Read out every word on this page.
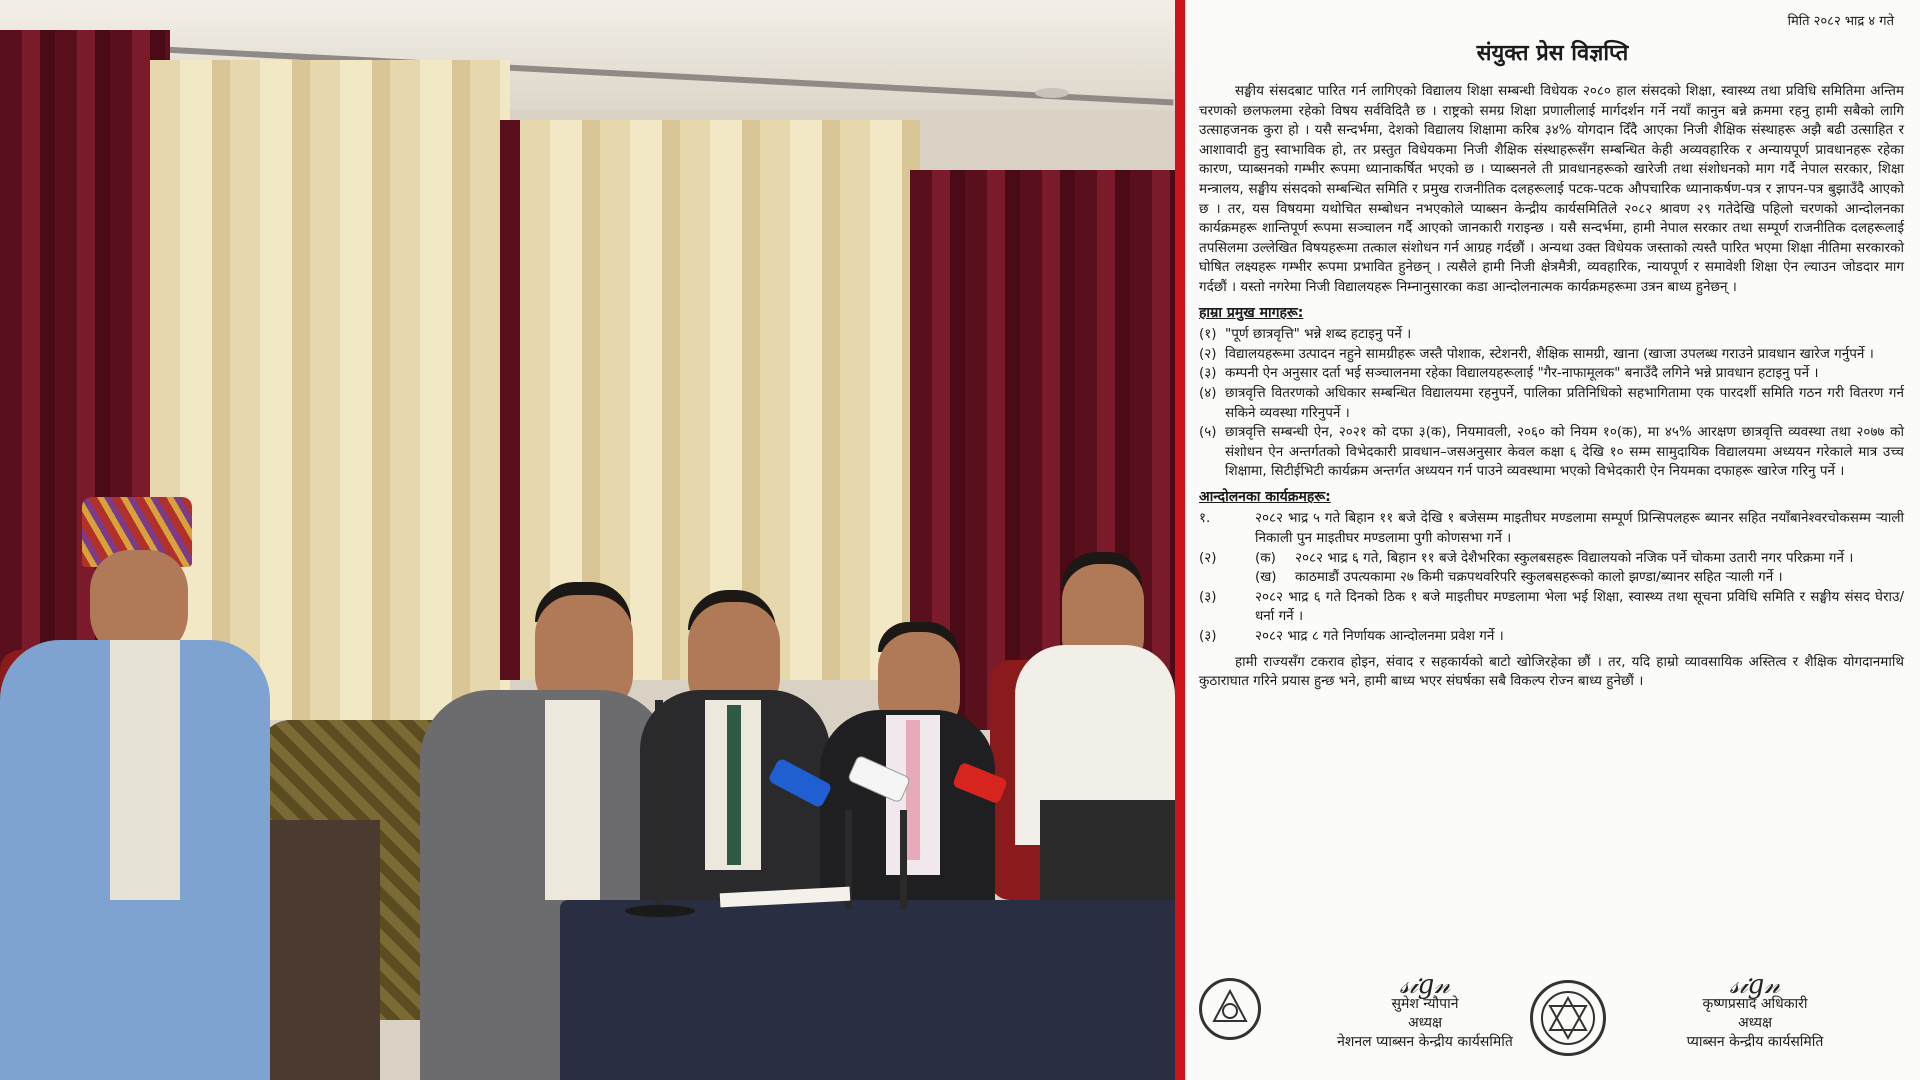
मिति २०८२ भाद्र ४ गते
संयुक्त प्रेस विज्ञप्ति

सङ्घीय संसदबाट पारित गर्न लागिएको विद्यालय शिक्षा सम्बन्धी विधेयक २०८० हाल संसदको शिक्षा, स्वास्थ्य तथा प्रविधि समितिमा अन्तिम चरणको छलफलमा रहेको विषय सर्वविदितै छ । राष्ट्रको समग्र शिक्षा प्रणालीलाई मार्गदर्शन गर्ने नयाँ कानुन बन्ने क्रममा रहनु हामी सबैको लागि उत्साहजनक कुरा हो । यसै सन्दर्भमा, देशको विद्यालय शिक्षामा करिब ३४% योगदान दिँदै आएका निजी शैक्षिक संस्थाहरू अझै बढी उत्साहित र आशावादी हुनु स्वाभाविक हो, तर प्रस्तुत विधेयकमा निजी शैक्षिक संस्थाहरूसँग सम्बन्धित केही अव्यवहारिक र अन्यायपूर्ण प्रावधानहरू रहेका कारण, प्याब्सनको गम्भीर रूपमा ध्यानाकर्षित भएको छ । प्याब्सनले ती प्रावधानहरूको खारेजी तथा संशोधनको माग गर्दै नेपाल सरकार, शिक्षा मन्त्रालय, सङ्घीय संसदको सम्बन्धित समिति र प्रमुख राजनीतिक दलहरूलाई पटक-पटक औपचारिक ध्यानाकर्षण-पत्र र ज्ञापन-पत्र बुझाउँदै आएको छ । तर, यस विषयमा यथोचित सम्बोधन नभएकोले प्याब्सन केन्द्रीय कार्यसमितिले २०८२ श्रावण २९ गतेदेखि पहिलो चरणको आन्दोलनका कार्यक्रमहरू शान्तिपूर्ण रूपमा सञ्चालन गर्दै आएको जानकारी गराइन्छ । यसै सन्दर्भमा, हामी नेपाल सरकार तथा सम्पूर्ण राजनीतिक दलहरूलाई तपसिलमा उल्लेखित विषयहरूमा तत्काल संशोधन गर्न आग्रह गर्दछौं । अन्यथा उक्त विधेयक जस्ताको त्यस्तै पारित भएमा शिक्षा नीतिमा सरकारको घोषित लक्ष्यहरू गम्भीर रूपमा प्रभावित हुनेछन् । त्यसैले हामी निजी क्षेत्रमैत्री, व्यवहारिक, न्यायपूर्ण र समावेशी शिक्षा ऐन ल्याउन जोडदार माग गर्दछौं । यस्तो नगरेमा निजी विद्यालयहरू निम्नानुसारका कडा आन्दोलनात्मक कार्यक्रमहरूमा उत्रन बाध्य हुनेछन् ।

हाम्रा प्रमुख मागहरू:
(१) "पूर्ण छात्रवृत्ति" भन्ने शब्द हटाइनु पर्ने ।

(२) विद्यालयहरूमा उत्पादन नहुने सामग्रीहरू जस्तै पोशाक, स्टेशनरी, शैक्षिक सामग्री, खाना (खाजा उपलब्ध गराउने प्रावधान खारेज गर्नुपर्ने ।

(३) कम्पनी ऐन अनुसार दर्ता भई सञ्चालनमा रहेका विद्यालयहरूलाई "गैर-नाफामूलक" बनाउँदै लगिने भन्ने प्रावधान हटाइनु पर्ने ।

(४) छात्रवृत्ति वितरणको अधिकार सम्बन्धित विद्यालयमा रहनुपर्ने, पालिका प्रतिनिधिको सहभागितामा एक पारदर्शी समिति गठन गरी वितरण गर्न सकिने व्यवस्था गरिनुपर्ने ।

(५) छात्रवृत्ति सम्बन्धी ऐन, २०२१ को दफा ३(क), नियमावली, २०६० को नियम १०(क), मा ४५% आरक्षण छात्रवृत्ति व्यवस्था तथा २०७७ को संशोधन ऐन अन्तर्गतको विभेदकारी प्रावधान–जसअनुसार केवल कक्षा ६ देखि १० सम्म सामुदायिक विद्यालयमा अध्ययन गरेकाले मात्र उच्च शिक्षामा, सिटीईभिटी कार्यक्रम अन्तर्गत अध्ययन गर्न पाउने व्यवस्थामा भएको विभेदकारी ऐन नियमका दफाहरू खारेज गरिनु पर्ने ।

आन्दोलनका कार्यक्रमहरू:
१.	२०८२ भाद्र ५ गते बिहान ११ बजे देखि १ बजेसम्म माइतीघर मण्डलामा सम्पूर्ण प्रिन्सिपलहरू ब्यानर सहित नयाँबानेश्वरचोकसम्म र्‍याली निकाली पुन माइतीघर मण्डलामा पुगी कोणसभा गर्ने ।

(२)	(क)	२०८२ भाद्र ६ गते, बिहान ११ बजे देशैभरिका स्कुलबसहरू विद्यालयको नजिक पर्ने चोकमा उतारी नगर परिक्रमा गर्ने ।

(ख)	काठमाडौं उपत्यकामा २७ किमी चक्रपथवरिपरि स्कुलबसहरूको कालो झण्डा/ब्यानर सहित र्‍याली गर्ने ।

(३)	२०८२ भाद्र ६ गते दिनको ठिक १ बजे माइतीघर मण्डलामा भेला भई शिक्षा, स्वास्थ्य तथा सूचना प्रविधि समिति र सङ्घीय संसद घेराउ/धर्ना गर्ने ।

(३)	२०८२ भाद्र ८ गते निर्णायक आन्दोलनमा प्रवेश गर्ने ।

हामी राज्यसँग टकराव होइन, संवाद र सहकार्यको बाटो खोजिरहेका छौं । तर, यदि हाम्रो व्यावसायिक अस्तित्व र शैक्षिक योगदानमाथि कुठाराघात गरिने प्रयास हुन्छ भने, हामी बाध्य भएर संघर्षका सबै विकल्प रोज्न बाध्य हुनेछौं ।

𝓈𝒾𝑔𝓃
सुमेश न्यौपाने
अध्यक्ष
नेशनल प्याब्सन केन्द्रीय कार्यसमिति
𝓈𝒾𝑔𝓃
कृष्णप्रसाद अधिकारी
अध्यक्ष
प्याब्सन केन्द्रीय कार्यसमिति
